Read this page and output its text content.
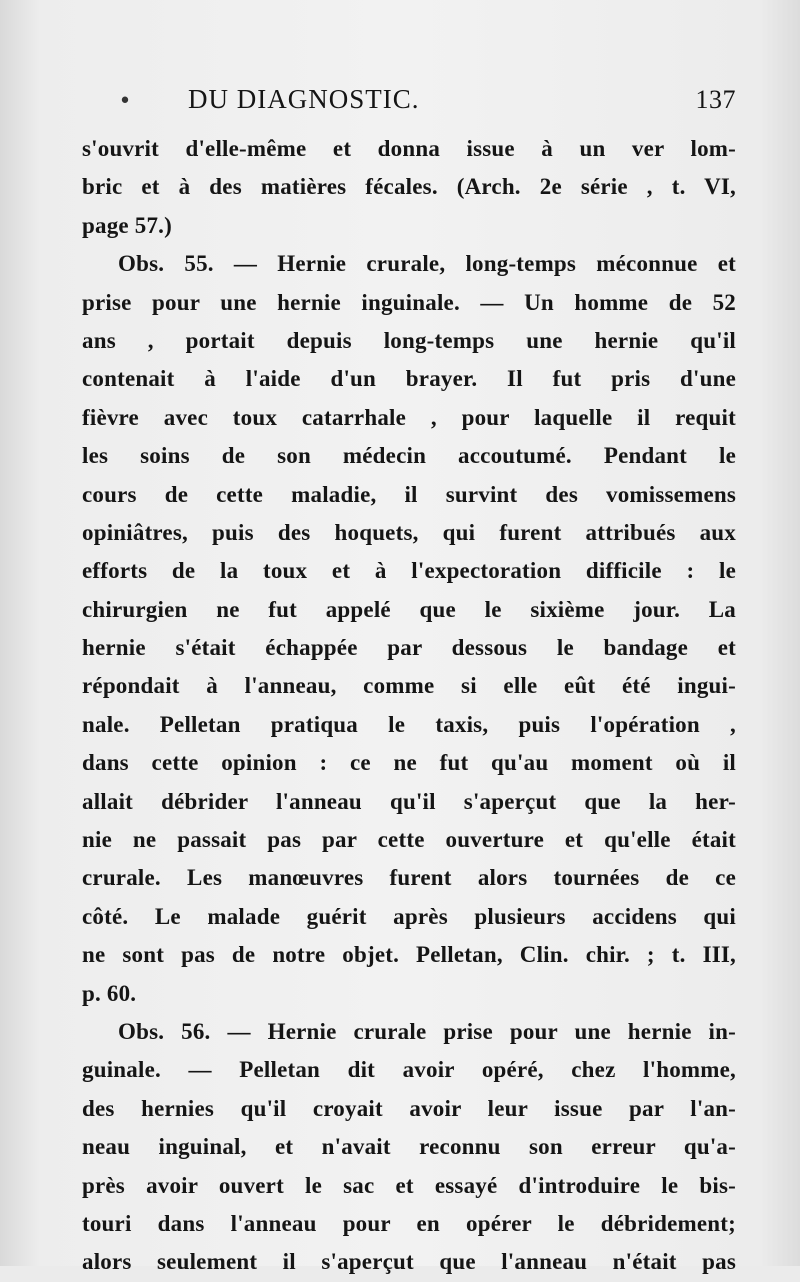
•	DU DIAGNOSTIC.	137
s'ouvrit d'elle-même et donna issue à un ver lom-
bric et à des matières fécales. (Arch. 2e série , t. VI,
page 57.)
Obs. 55. — Hernie crurale, long-temps méconnue et
prise pour une hernie inguinale. — Un homme de 52
ans , portait depuis long-temps une hernie qu'il
contenait à l'aide d'un brayer. Il fut pris d'une
fièvre avec toux catarrhale , pour laquelle il requit
les soins de son médecin accoutumé. Pendant le
cours de cette maladie, il survint des vomissemens
opiniâtres, puis des hoquets, qui furent attribués aux
efforts de la toux et à l'expectoration difficile : le
chirurgien ne fut appelé que le sixième jour. La
hernie s'était échappée par dessous le bandage et
répondait à l'anneau, comme si elle eût été ingui-
nale. Pelletan pratiqua le taxis, puis l'opération ,
dans cette opinion : ce ne fut qu'au moment où il
allait débrider l'anneau qu'il s'aperçut que la her-
nie ne passait pas par cette ouverture et qu'elle était
crurale. Les manœuvres furent alors tournées de ce
côté. Le malade guérit après plusieurs accidens qui
ne sont pas de notre objet. Pelletan, Clin. chir. ; t. III,
p. 60.
Obs. 56. — Hernie crurale prise pour une hernie in-
guinale. — Pelletan dit avoir opéré, chez l'homme,
des hernies qu'il croyait avoir leur issue par l'an-
neau inguinal, et n'avait reconnu son erreur qu'a-
près avoir ouvert le sac et essayé d'introduire le bis-
touri dans l'anneau pour en opérer le débridement;
alors seulement il s'aperçut que l'anneau n'était pas
